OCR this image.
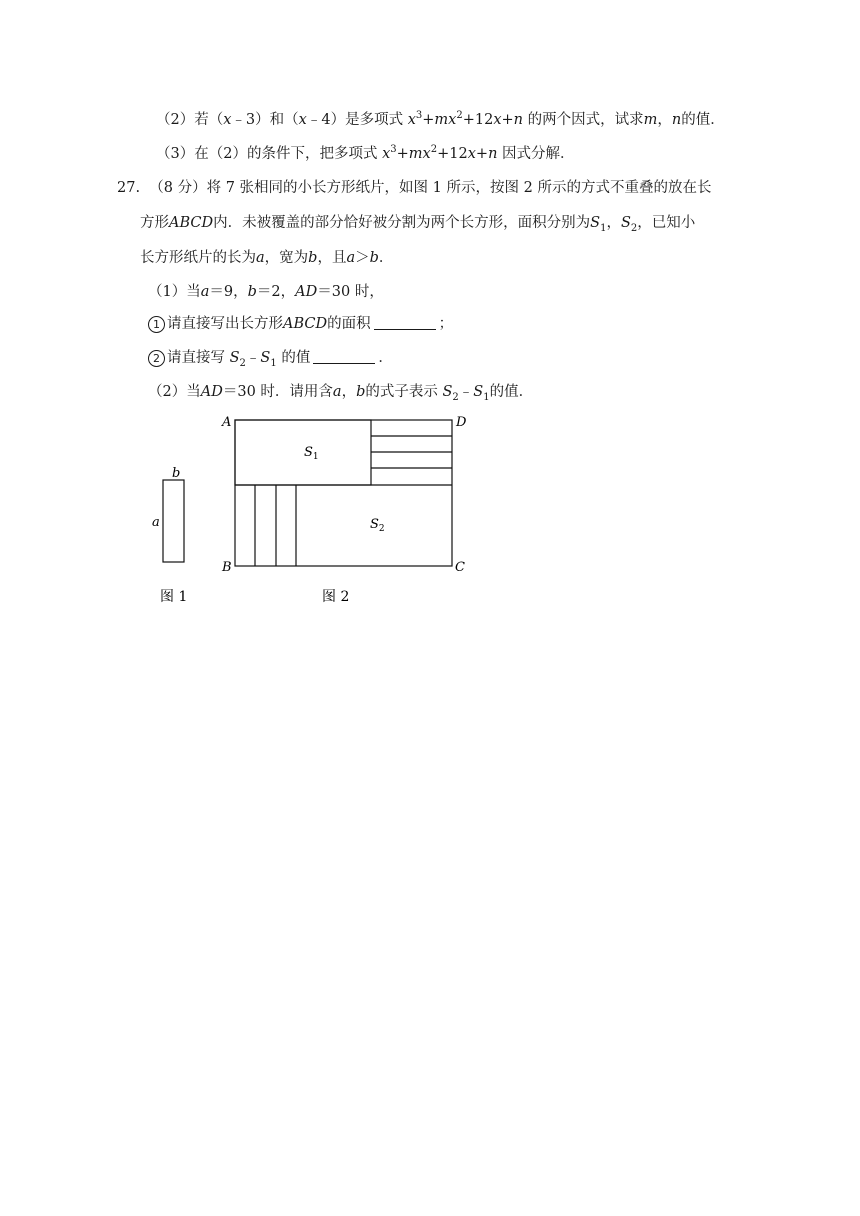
（2）若（x﹣3）和（x﹣4）是多项式 $x^3+mx^2+12x+n$ 的两个因式，试求m，n的值．
（3）在（2）的条件下，把多项式 $x^3+mx^2+12x+n$ 因式分解．
27. （8 分）将 7 张相同的小长方形纸片，如图 1 所示，按图 2 所示的方式不重叠的放在长
方形ABCD内．未被覆盖的部分恰好被分割为两个长方形，面积分别为$S_1$，$S_2$，已知小
长方形纸片的长为a，宽为b，且a＞b．
（1）当a＝9，b＝2，AD＝30 时，
1 请直接写出长方形ABCD的面积	；
2 请直接写 $S_2﹣S_1$ 的值	．
（2）当AD＝30 时．请用含a，b的式子表示 $S_2﹣S_1$的值．
b
a
图 1
A	D
B	C
$S_1$
$S_2$
图 2
